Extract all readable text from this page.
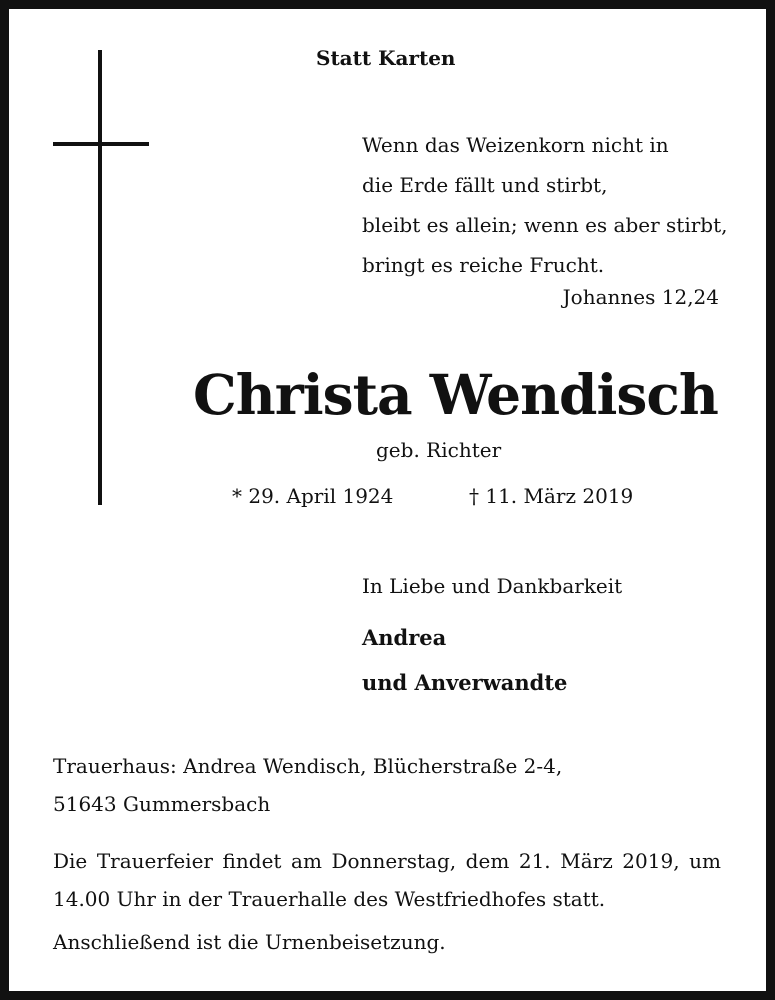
Statt Karten
Wenn das Weizenkorn nicht in
die Erde fällt und stirbt,
bleibt es allein; wenn es aber stirbt,
bringt es reiche Frucht.
Johannes 12,24
Christa Wendisch
geb. Richter
* 29. April 1924	† 11. März 2019
In Liebe und Dankbarkeit
Andrea
und Anverwandte
Trauerhaus: Andrea Wendisch, Blücherstraße 2-4,
51643 Gummersbach
Die Trauerfeier findet am Donnerstag, dem 21. März 2019, um
14.00 Uhr in der Trauerhalle des Westfriedhofes statt.
Anschließend ist die Urnenbeisetzung.
